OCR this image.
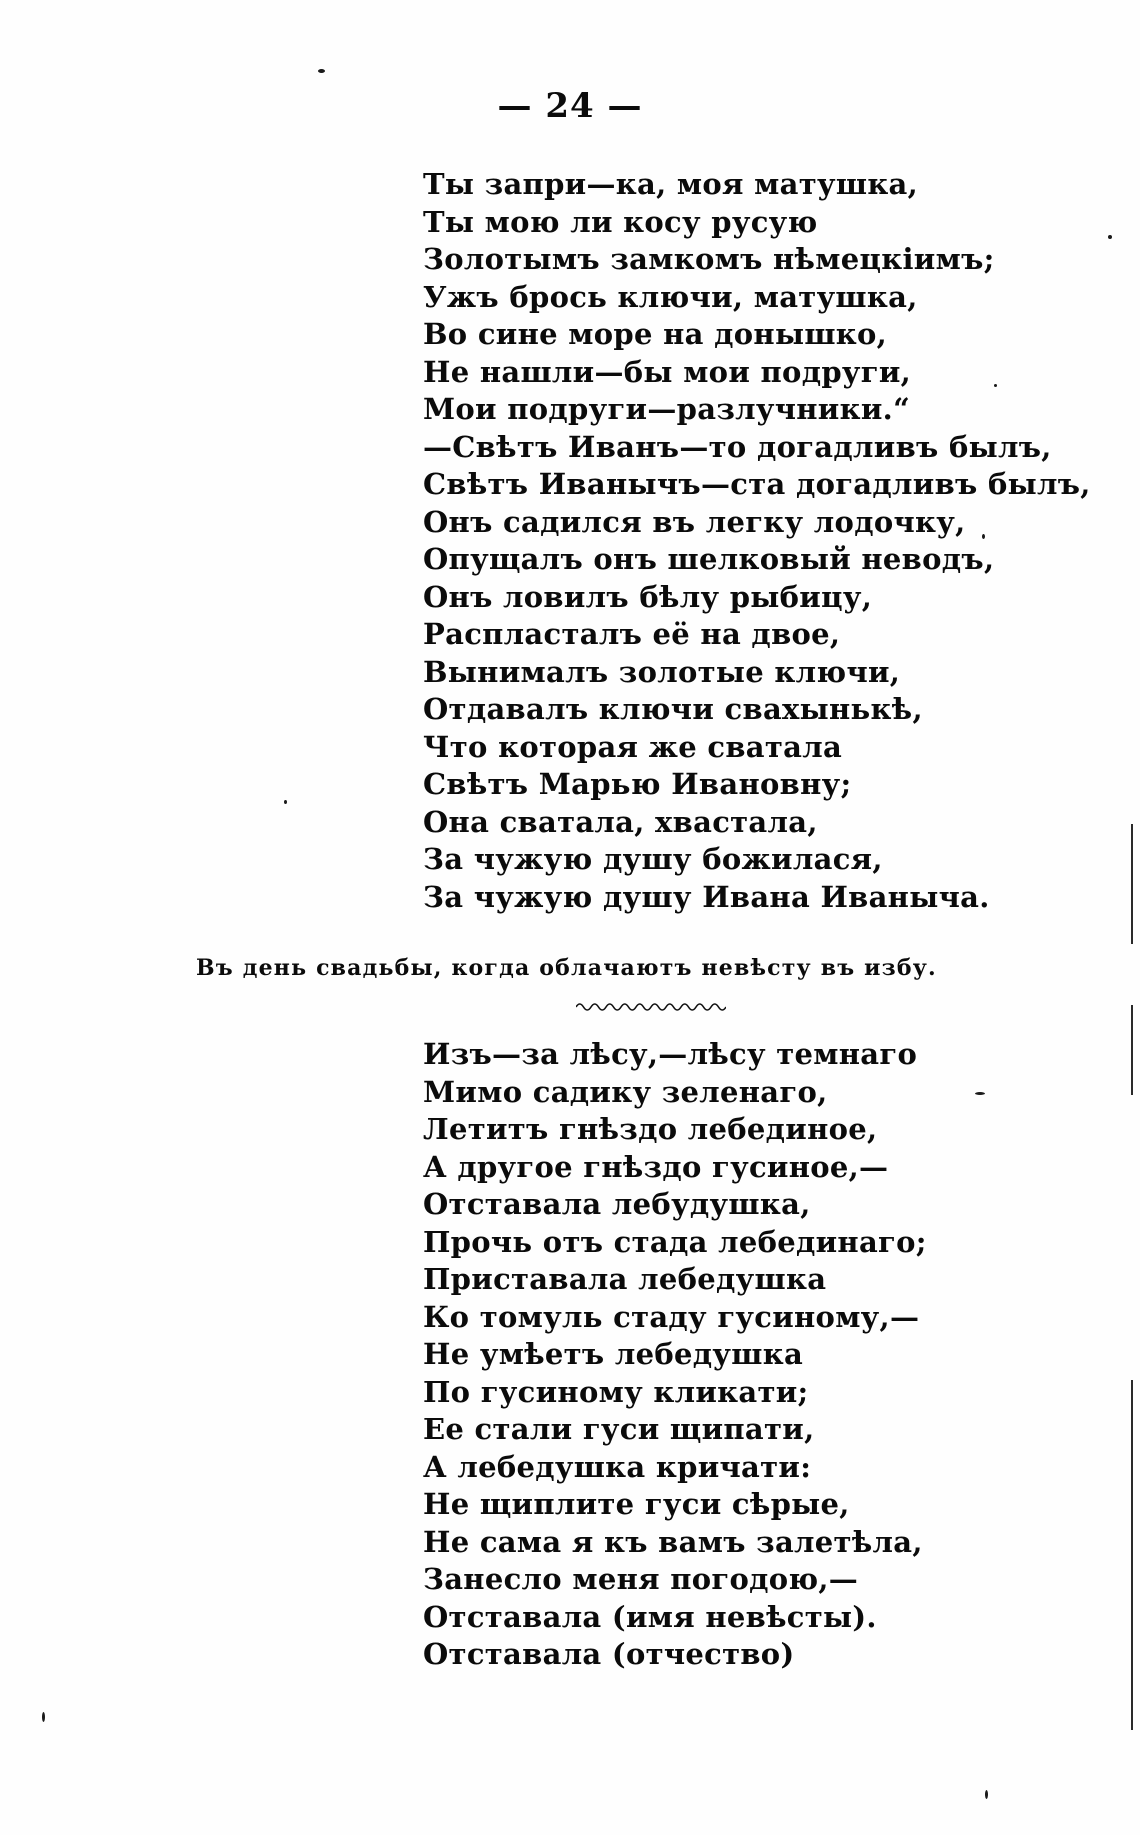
— 24 —
Ты запри—ка, моя матушка,
Ты мою ли косу русую
Золотымъ замкомъ нѣмецкіимъ;
Ужъ брось ключи, матушка,
Во сине море на донышко,
Не нашли—бы мои подруги,
Мои подруги—разлучники.“
—Свѣтъ Иванъ—то догадливъ былъ,
Свѣтъ Иванычъ—ста догадливъ былъ,
Онъ садился въ легку лодочку,
Опущалъ онъ шелковый неводъ,
Онъ ловилъ бѣлу рыбицу,
Распласталъ её на двое,
Вынималъ золотые ключи,
Отдавалъ ключи свахынькѣ,
Что которая же сватала
Свѣтъ Марью Ивановну;
Она сватала, хвастала,
За чужую душу божилася,
За чужую душу Ивана Иваныча.
Въ день свадьбы, когда облачаютъ невѣсту въ избу.
Изъ—за лѣсу,—лѣсу темнаго
Мимо садику зеленаго,
Летитъ гнѣздо лебединое,
А другое гнѣздо гусиное,—
Отставала лебудушка,
Прочь отъ стада лебединаго;
Приставала лебедушка
Ко томуль стаду гусиному,—
Не умѣетъ лебедушка
По гусиному кликати;
Ее стали гуси щипати,
А лебедушка кричати:
Не щиплите гуси сѣрые,
Не сама я къ вамъ залетѣла,
Занесло меня погодою,—
Отставала (имя невѣсты).
Отставала (отчество)
